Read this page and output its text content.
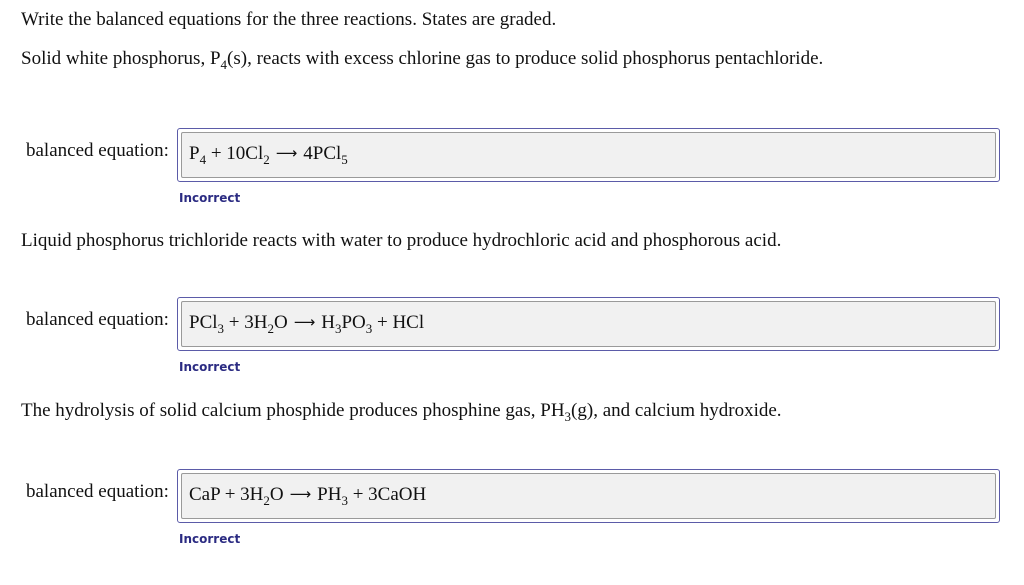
Write the balanced equations for the three reactions. States are graded.
Solid white phosphorus, $P_4(s)$, reacts with excess chlorine gas to produce solid phosphorus pentachloride.
balanced equation:	$P_4 + 10Cl_2$ ⟶ 4PCl$_5$
Incorrect
Liquid phosphorus trichloride reacts with water to produce hydrochloric acid and phosphorous acid.
balanced equation:	$PCl_3 + 3H_2O$ ⟶ $H_3PO_3$ + HCl
Incorrect
The hydrolysis of solid calcium phosphide produces phosphine gas, $PH_3(g)$, and calcium hydroxide.
balanced equation:	CaP + $3H_2O$ ⟶ $PH_3$ + 3CaOH
Incorrect
